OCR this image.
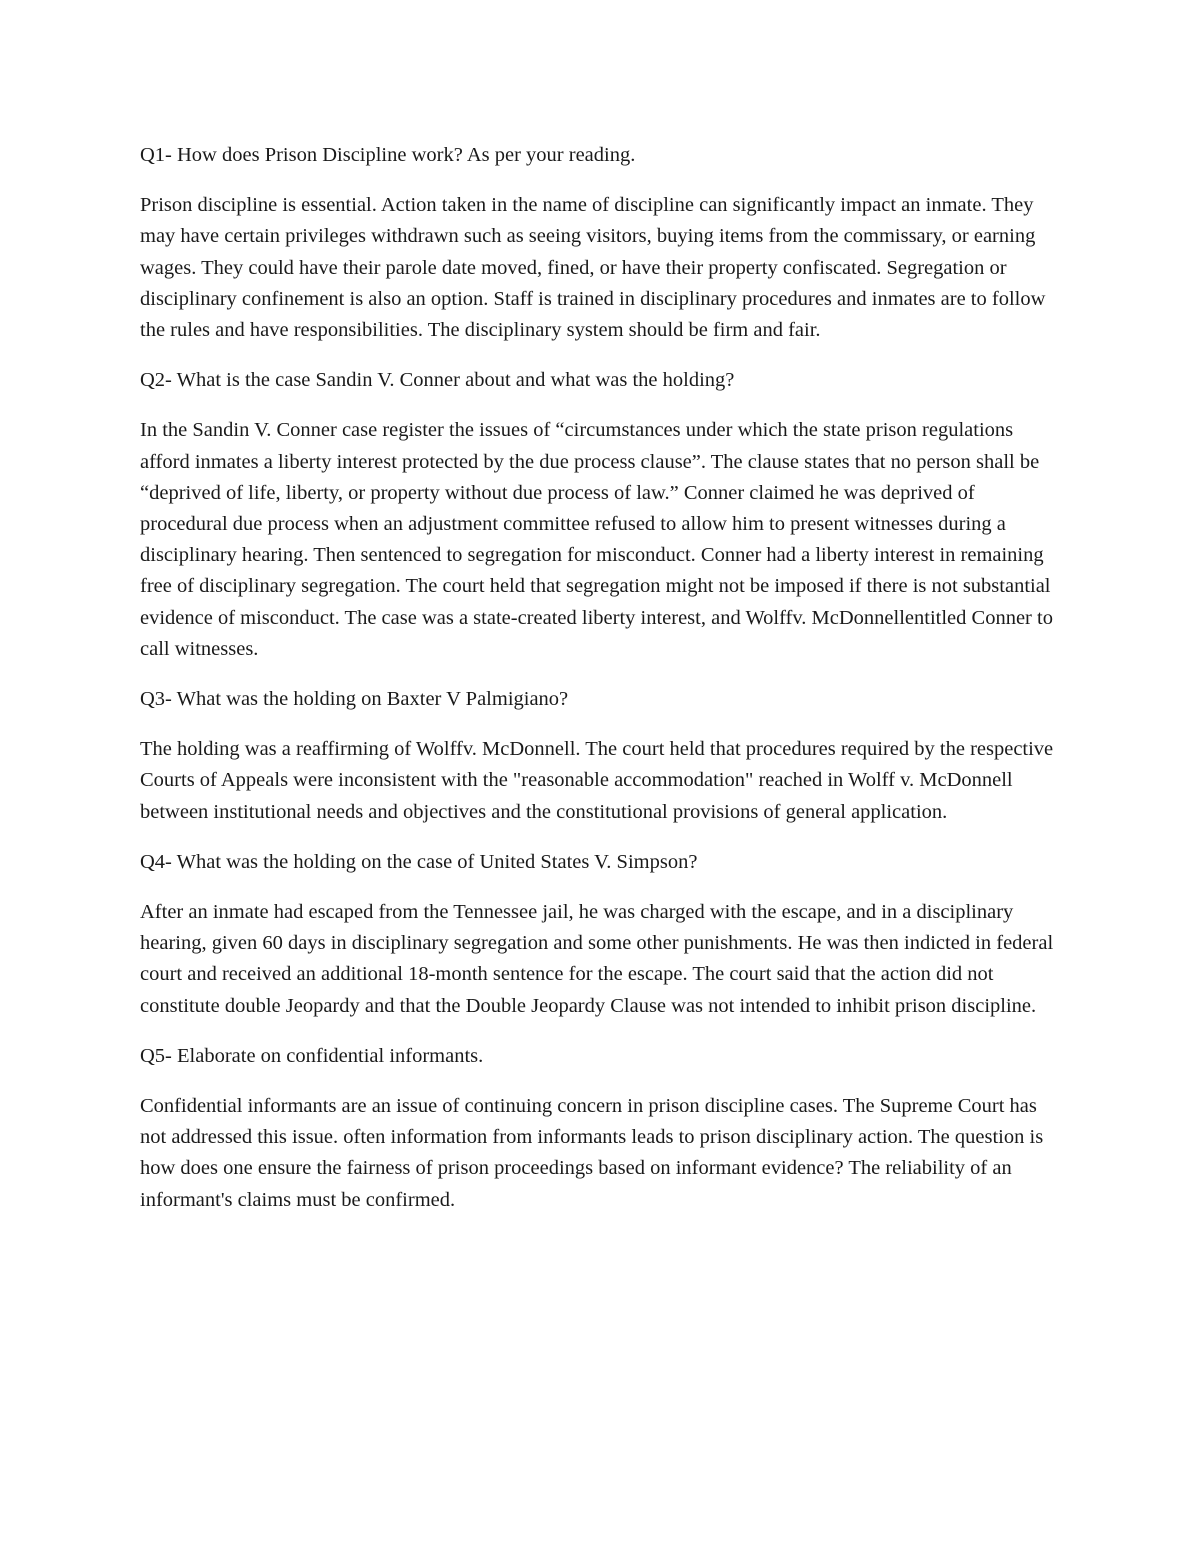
Q1- How does Prison Discipline work? As per your reading.

Prison discipline is essential. Action taken in the name of discipline can significantly impact an inmate. They may have certain privileges withdrawn such as seeing visitors, buying items from the commissary, or earning wages. They could have their parole date moved, fined, or have their property confiscated. Segregation or disciplinary confinement is also an option. Staff is trained in disciplinary procedures and inmates are to follow the rules and have responsibilities. The disciplinary system should be firm and fair.

Q2- What is the case Sandin V. Conner about and what was the holding?

In the Sandin V. Conner case register the issues of “circumstances under which the state prison regulations afford inmates a liberty interest protected by the due process clause”. The clause states that no person shall be “deprived of life, liberty, or property without due process of law.” Conner claimed he was deprived of procedural due process when an adjustment committee refused to allow him to present witnesses during a disciplinary hearing. Then sentenced to segregation for misconduct. Conner had a liberty interest in remaining free of disciplinary segregation. The court held that segregation might not be imposed if there is not substantial evidence of misconduct. The case was a state-created liberty interest, and Wolffv. McDonnellentitled Conner to call witnesses.

Q3- What was the holding on Baxter V Palmigiano?

The holding was a reaffirming of Wolffv. McDonnell. The court held that procedures required by the respective Courts of Appeals were inconsistent with the "reasonable accommodation" reached in Wolff v. McDonnell between institutional needs and objectives and the constitutional provisions of general application.

Q4- What was the holding on the case of United States V. Simpson?

After an inmate had escaped from the Tennessee jail, he was charged with the escape, and in a disciplinary hearing, given 60 days in disciplinary segregation and some other punishments. He was then indicted in federal court and received an additional 18-month sentence for the escape. The court said that the action did not constitute double Jeopardy and that the Double Jeopardy Clause was not intended to inhibit prison discipline.

Q5- Elaborate on confidential informants.

Confidential informants are an issue of continuing concern in prison discipline cases. The Supreme Court has not addressed this issue. often information from informants leads to prison disciplinary action. The question is how does one ensure the fairness of prison proceedings based on informant evidence? The reliability of an informant's claims must be confirmed.
